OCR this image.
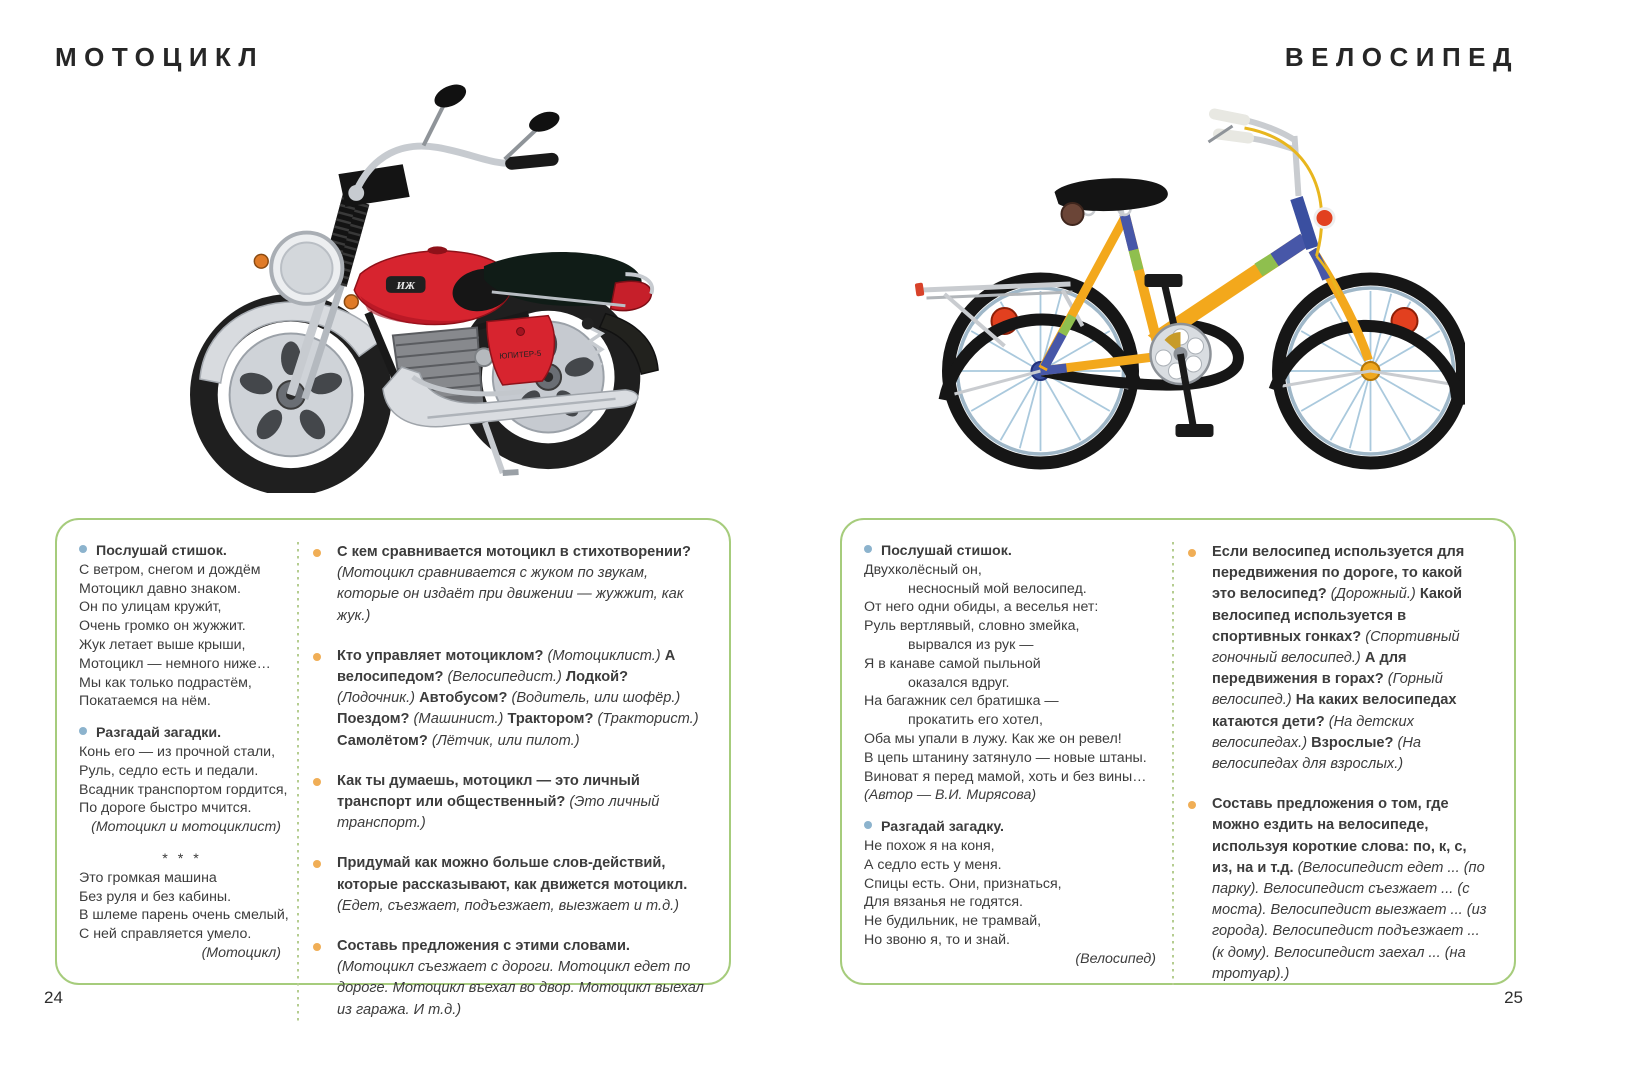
МОТОЦИКЛ	ВЕЛОСИПЕД
ИЖ
ЮПИТЕР-5

Послушай стишок.

С ветром, снегом и дождём

Мотоцикл давно знаком.

Он по улицам кружи́т,

Очень громко он жужжит.

Жук летает выше крыши,

Мотоцикл — немного ниже…

Мы как только подрастём,

Покатаемся на нём.

Разгадай загадки.

Конь его — из прочной стали,

Руль, седло есть и педали.

Всадник транспортом гордится,

По дороге быстро мчится.

(Мотоцикл и мотоциклист)

* * *

Это громкая машина

Без руля и без кабины.

В шлеме парень очень смелый,

С ней справляется умело.

(Мотоцикл)

С кем сравнивается мотоцикл в стихотворении? (Мотоцикл сравнивается с жуком по звукам, которые он издаёт при движении — жужжит, как жук.)

Кто управляет мотоциклом? (Мотоциклист.) А велосипедом? (Велосипедист.) Лодкой? (Лодочник.) Автобусом? (Водитель, или шофёр.) Поездом? (Машинист.) Трактором? (Тракторист.) Самолётом? (Лётчик, или пилот.)

Как ты думаешь, мотоцикл — это личный транспорт или общественный? (Это личный транспорт.)

Придумай как можно больше слов-действий, которые рассказывают, как движется мотоцикл. (Едет, съезжает, подъезжает, выезжает и т.д.)

Составь предложения с этими словами. (Мотоцикл съезжает с дороги. Мотоцикл едет по дороге. Мотоцикл въехал во двор. Мотоцикл выехал из гаража. И т.д.)

Послушай стишок.

Двухколёсный он,

несносный мой велосипед.

От него одни обиды, а веселья нет:

Руль вертлявый, словно змейка,

вырвался из рук —

Я в канаве самой пыльной

оказался вдруг.

На багажник сел братишка —

прокатить его хотел,

Оба мы упали в лужу. Как же он ревел!

В цепь штанину затянуло — новые штаны.

Виноват я перед мамой, хоть и без вины…

(Автор — В.И. Мирясова)

Разгадай загадку.

Не похож я на коня,

А седло есть у меня.

Спицы есть. Они, признаться,

Для вязанья не годятся.

Не будильник, не трамвай,

Но звоню я, то и знай.

(Велосипед)

Если велосипед используется для передвижения по дороге, то какой это велосипед? (Дорожный.) Какой велосипед используется в спортивных гонках? (Спортивный гоночный велосипед.) А для передвижения в горах? (Горный велосипед.) На каких велосипедах катаются дети? (На детских велосипедах.) Взрослые? (На велосипедах для взрослых.)

Составь предложения о том, где можно ездить на велосипеде, используя короткие слова: по, к, с, из, на и т.д. (Велосипедист едет ... (по парку). Велосипедист съезжает ... (с моста). Велосипедист выезжает ... (из города). Велосипедист подъезжает ... (к дому). Велосипедист заехал ... (на тротуар).)

24	25
